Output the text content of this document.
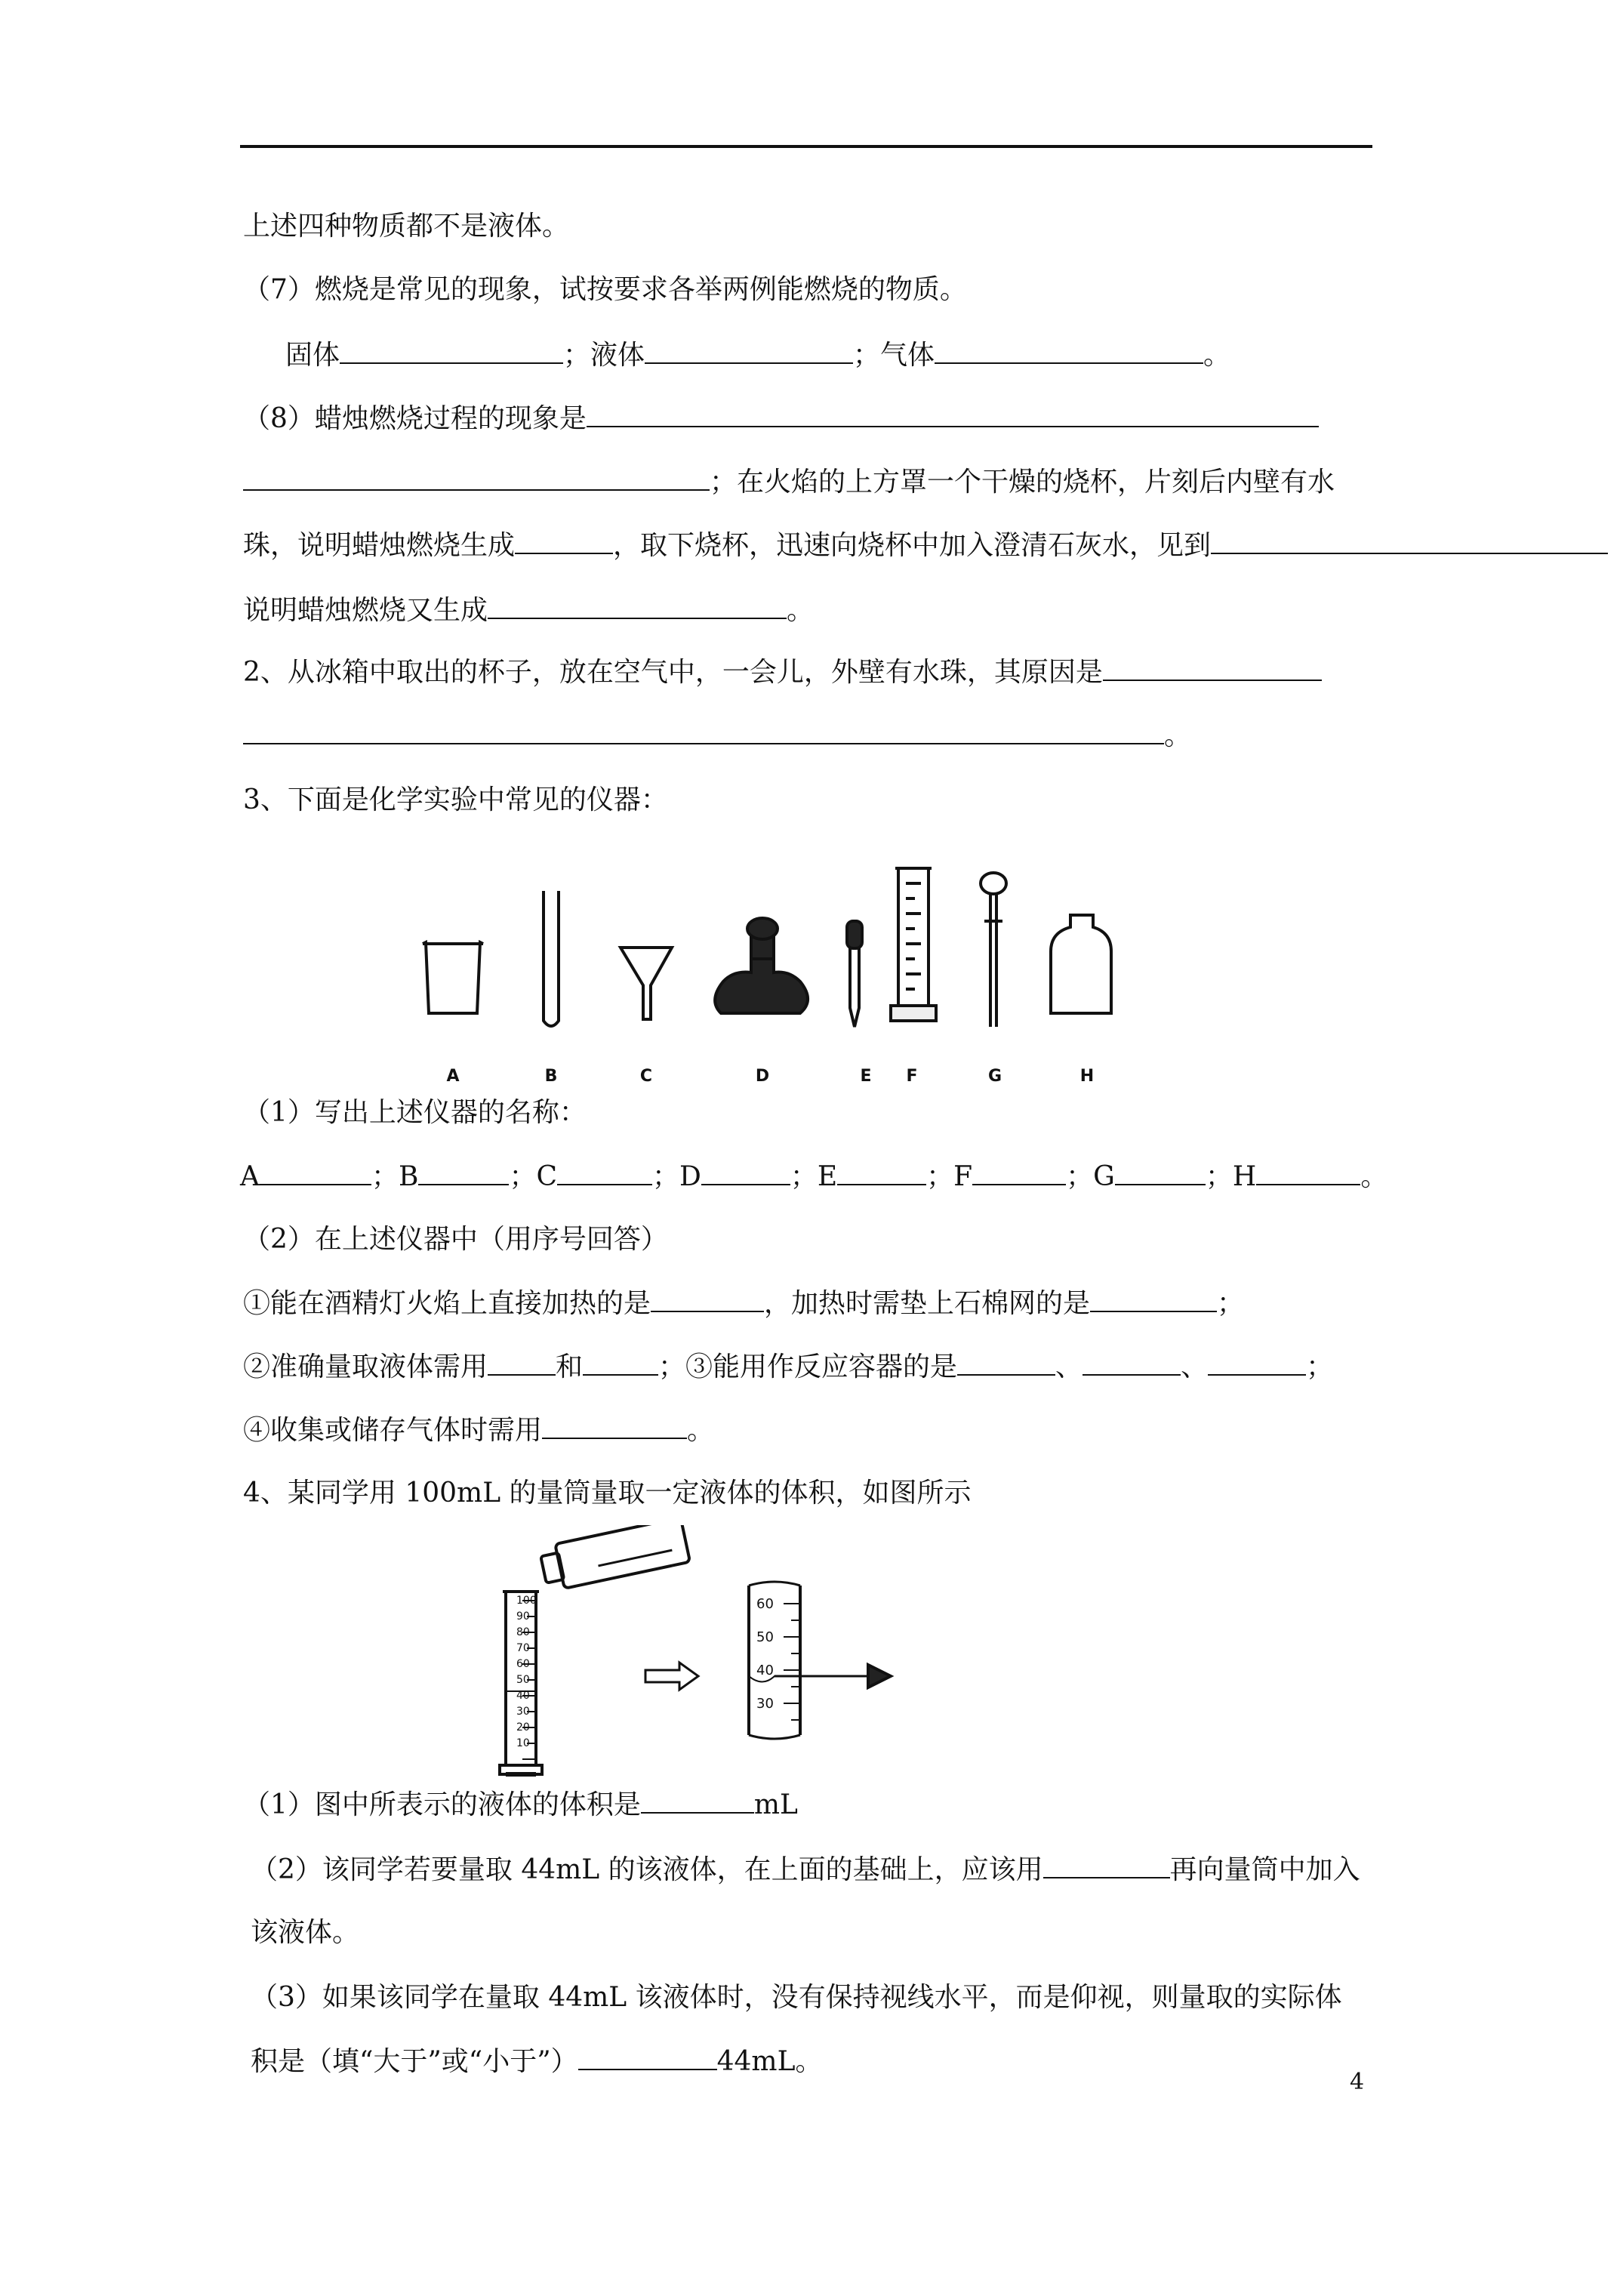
上述四种物质都不是液体。
（7）燃烧是常见的现象，试按要求各举两例能燃烧的物质。
固体	；液体	；气体	。
（8）蜡烛燃烧过程的现象是
；在火焰的上方罩一个干燥的烧杯，片刻后内壁有水
珠，说明蜡烛燃烧生成	，取下烧杯，迅速向烧杯中加入澄清石灰水，见到
说明蜡烛燃烧又生成	。
2、从冰箱中取出的杯子，放在空气中，一会儿，外壁有水珠，其原因是
。
3、下面是化学实验中常见的仪器：
A	B	C	D	E F	G	H
（1）写出上述仪器的名称：
A	；B	；C	；D	；E	；F	；G	；H	。
（2）在上述仪器中（用序号回答）
①能在酒精灯火焰上直接加热的是	，加热时需垫上石棉网的是	；
②准确量取液体需用	和	；③能用作反应容器的是	、	、	；
④收集或储存气体时需用	。
4、某同学用 100mL 的量筒量取一定液体的体积，如图所示
100
90
80
70
60
50
40
30
20
10
60
50
40
30
（1）图中所表示的液体的体积是	mL
（2）该同学若要量取 44mL 的该液体，在上面的基础上，应该用	再向量筒中加入
该液体。
（3）如果该同学在量取 44mL 该液体时，没有保持视线水平，而是仰视，则量取的实际体
积是（填“大于”或“小于”）	44mL。
4
